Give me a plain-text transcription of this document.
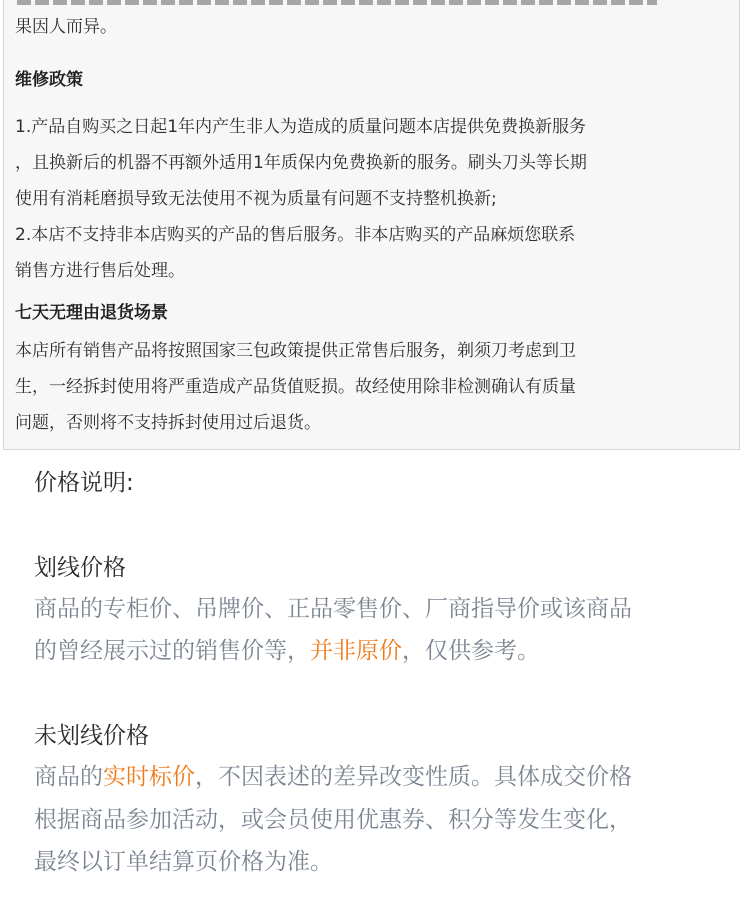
果因人而异。
维修政策
1.产品自购买之日起1年内产生非人为造成的质量问题本店提供免费换新服务
，且换新后的机器不再额外适用1年质保内免费换新的服务。刷头刀头等长期
使用有消耗磨损导致无法使用不视为质量有问题不支持整机换新;
2.本店不支持非本店购买的产品的售后服务。非本店购买的产品麻烦您联系
销售方进行售后处理。
七天无理由退货场景
本店所有销售产品将按照国家三包政策提供正常售后服务，剃须刀考虑到卫
生，一经拆封使用将严重造成产品货值贬损。故经使用除非检测确认有质量
问题，否则将不支持拆封使用过后退货。
价格说明:
划线价格
商品的专柜价、吊牌价、正品零售价、厂商指导价或该商品
的曾经展示过的销售价等，并非原价，仅供参考。
未划线价格
商品的实时标价，不因表述的差异改变性质。具体成交价格
根据商品参加活动，或会员使用优惠券、积分等发生变化，
最终以订单结算页价格为准。
